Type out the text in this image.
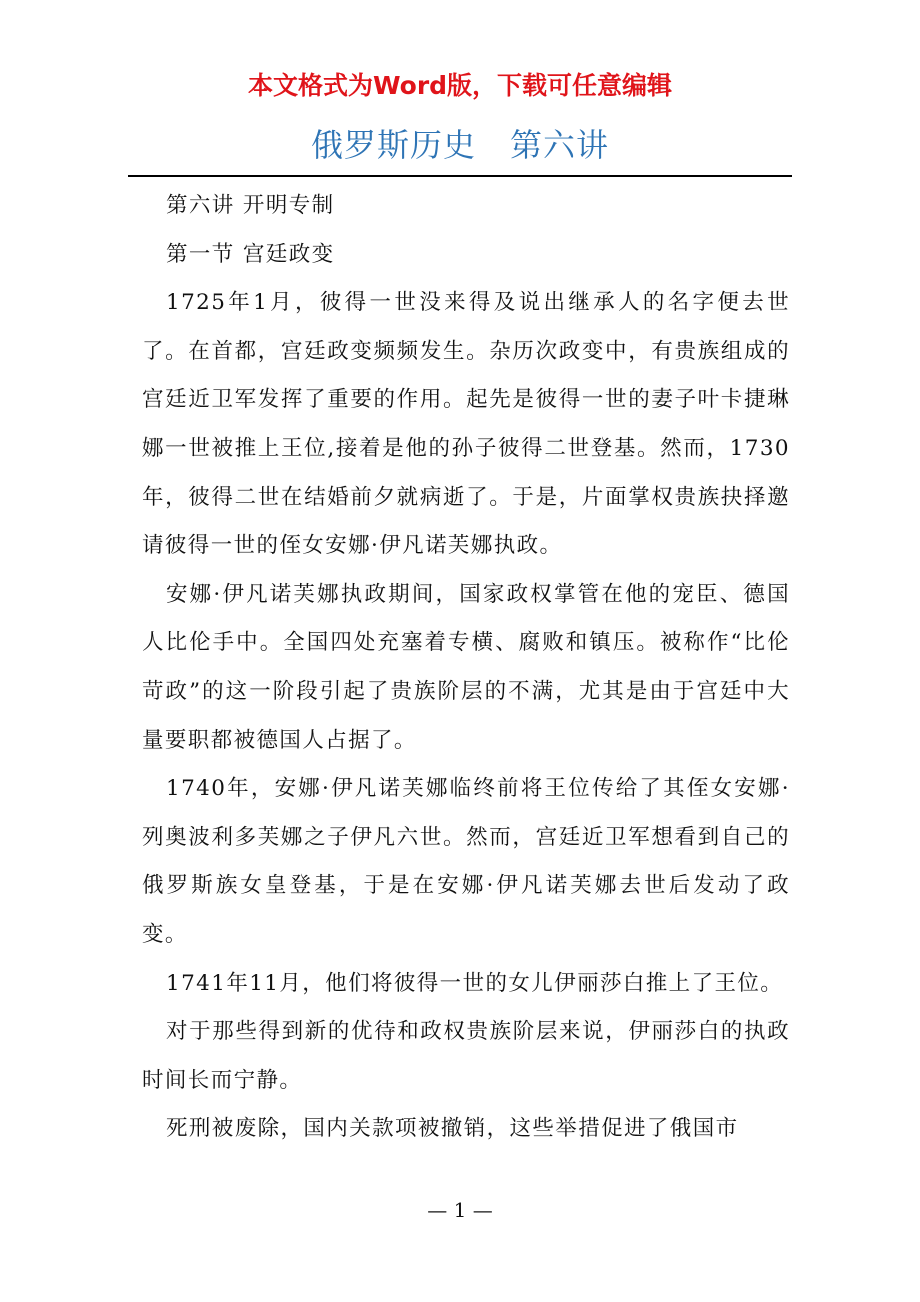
本文格式为Word版，下载可任意编辑
俄罗斯历史 第六讲

第六讲 开明专制

第一节 宫廷政变

1725年1月，彼得一世没来得及说出继承人的名字便去世了。在首都，宫廷政变频频发生。杂历次政变中，有贵族组成的宫廷近卫军发挥了重要的作用。起先是彼得一世的妻子叶卡捷琳娜一世被推上王位,接着是他的孙子彼得二世登基。然而，1730年，彼得二世在结婚前夕就病逝了。于是，片面掌权贵族抉择邀请彼得一世的侄女安娜·伊凡诺芙娜执政。

安娜·伊凡诺芙娜执政期间，国家政权掌管在他的宠臣、德国人比伦手中。全国四处充塞着专横、腐败和镇压。被称作“比伦苛政”的这一阶段引起了贵族阶层的不满，尤其是由于宫廷中大量要职都被德国人占据了。

1740年，安娜·伊凡诺芙娜临终前将王位传给了其侄女安娜·列奥波利多芙娜之子伊凡六世。然而，宫廷近卫军想看到自己的俄罗斯族女皇登基，于是在安娜·伊凡诺芙娜去世后发动了政变。

1741年11月，他们将彼得一世的女儿伊丽莎白推上了王位。

对于那些得到新的优待和政权贵族阶层来说，伊丽莎白的执政时间长而宁静。

死刑被废除，国内关款项被撤销，这些举措促进了俄国市

— 1 —
